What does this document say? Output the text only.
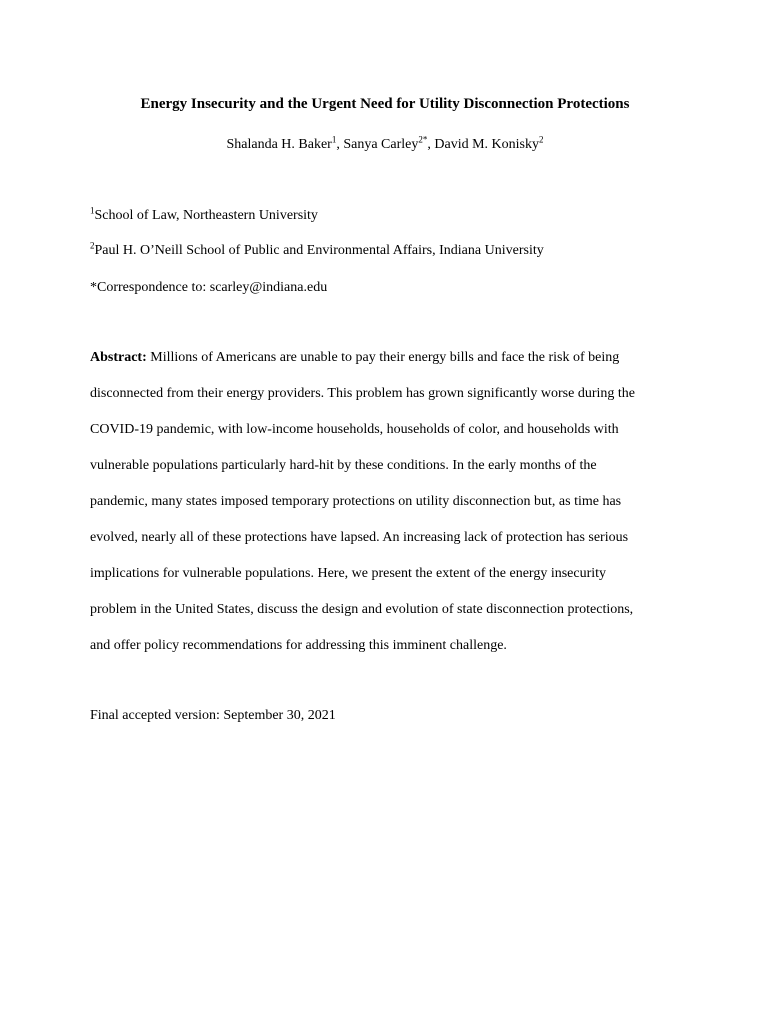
Energy Insecurity and the Urgent Need for Utility Disconnection Protections
Shalanda H. Baker$^1$, Sanya Carley$^{2*}$, David M. Konisky$^2$
$^1$School of Law, Northeastern University
$^2$Paul H. O’Neill School of Public and Environmental Affairs, Indiana University
*Correspondence to: scarley@indiana.edu
Abstract: Millions of Americans are unable to pay their energy bills and face the risk of being
disconnected from their energy providers. This problem has grown significantly worse during the
COVID-19 pandemic, with low-income households, households of color, and households with
vulnerable populations particularly hard-hit by these conditions. In the early months of the
pandemic, many states imposed temporary protections on utility disconnection but, as time has
evolved, nearly all of these protections have lapsed. An increasing lack of protection has serious
implications for vulnerable populations. Here, we present the extent of the energy insecurity
problem in the United States, discuss the design and evolution of state disconnection protections,
and offer policy recommendations for addressing this imminent challenge.
Final accepted version: September 30, 2021
